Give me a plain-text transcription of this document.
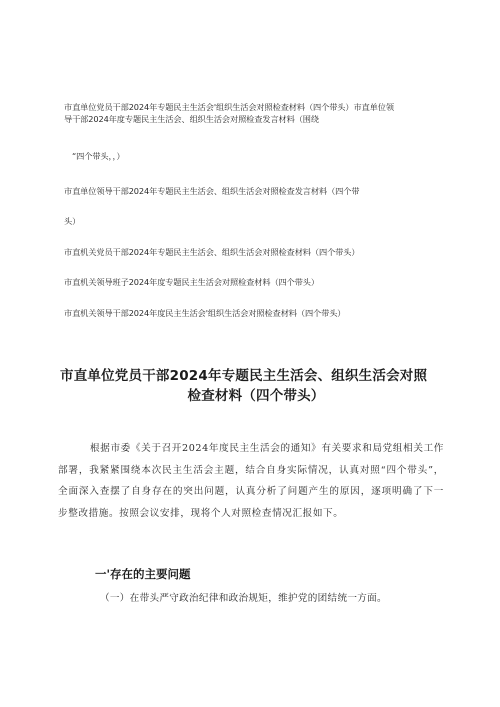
市直单位党员干部2024年专题民主生活会'组织生活会对照检查材料（四个带头）市直单位领

导干部2024年度专题民主生活会、组织生活会对照检查发言材料（围绕

“四个带头，，）

市直单位领导干部2024年专题民主生活会、组织生活会对照检查发言材料（四个带

头）

市直机关党员干部2024年专题民主生活会、组织生活会对照检查材料（四个带头）

市直机关领导班子2024年度专题民主生活会对照检查材料（四个带头）

市直机关领导干部2024年度民主生活会'组织生活会对照检查材料（四个带头）

市直单位党员干部2024年专题民主生活会、组织生活会对照
检查材料（四个带头）

根据市委《关于召开2024年度民主生活会的通知》有关要求和局党组相关工作部署，我紧紧围绕本次民主生活会主题，结合自身实际情况，认真对照“四个带头”，全面深入查摆了自身存在的突出问题，认真分析了问题产生的原因，逐项明确了下一步整改措施。按照会议安排，现将个人对照检查情况汇报如下。

一'存在的主要问题

（一）在带头严守政治纪律和政治规矩，维护党的团结统一方面。
